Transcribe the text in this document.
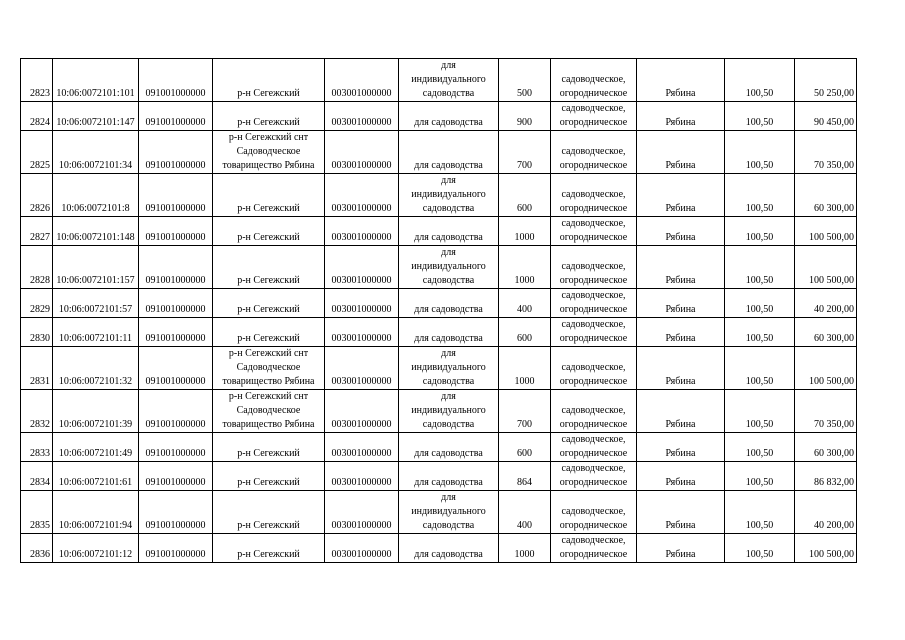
2823	10:06:0072101:101	091001000000	р-н Сегежский	003001000000	для
индивидуального
садоводства	500	садоводческое,
огородническое	Рябина	100,50	50 250,00
2824	10:06:0072101:147	091001000000	р-н Сегежский	003001000000	для садоводства	900	садоводческое,
огородническое	Рябина	100,50	90 450,00
2825	10:06:0072101:34	091001000000	р-н Сегежский снт
Садоводческое
товарищество Рябина	003001000000	для садоводства	700	садоводческое,
огородническое	Рябина	100,50	70 350,00
2826	10:06:0072101:8	091001000000	р-н Сегежский	003001000000	для
индивидуального
садоводства	600	садоводческое,
огородническое	Рябина	100,50	60 300,00
2827	10:06:0072101:148	091001000000	р-н Сегежский	003001000000	для садоводства	1000	садоводческое,
огородническое	Рябина	100,50	100 500,00
2828	10:06:0072101:157	091001000000	р-н Сегежский	003001000000	для
индивидуального
садоводства	1000	садоводческое,
огородническое	Рябина	100,50	100 500,00
2829	10:06:0072101:57	091001000000	р-н Сегежский	003001000000	для садоводства	400	садоводческое,
огородническое	Рябина	100,50	40 200,00
2830	10:06:0072101:11	091001000000	р-н Сегежский	003001000000	для садоводства	600	садоводческое,
огородническое	Рябина	100,50	60 300,00
2831	10:06:0072101:32	091001000000	р-н Сегежский снт
Садоводческое
товарищество Рябина	003001000000	для
индивидуального
садоводства	1000	садоводческое,
огородническое	Рябина	100,50	100 500,00
2832	10:06:0072101:39	091001000000	р-н Сегежский снт
Садоводческое
товарищество Рябина	003001000000	для
индивидуального
садоводства	700	садоводческое,
огородническое	Рябина	100,50	70 350,00
2833	10:06:0072101:49	091001000000	р-н Сегежский	003001000000	для садоводства	600	садоводческое,
огородническое	Рябина	100,50	60 300,00
2834	10:06:0072101:61	091001000000	р-н Сегежский	003001000000	для садоводства	864	садоводческое,
огородническое	Рябина	100,50	86 832,00
2835	10:06:0072101:94	091001000000	р-н Сегежский	003001000000	для
индивидуального
садоводства	400	садоводческое,
огородническое	Рябина	100,50	40 200,00
2836	10:06:0072101:12	091001000000	р-н Сегежский	003001000000	для садоводства	1000	садоводческое,
огородническое	Рябина	100,50	100 500,00
